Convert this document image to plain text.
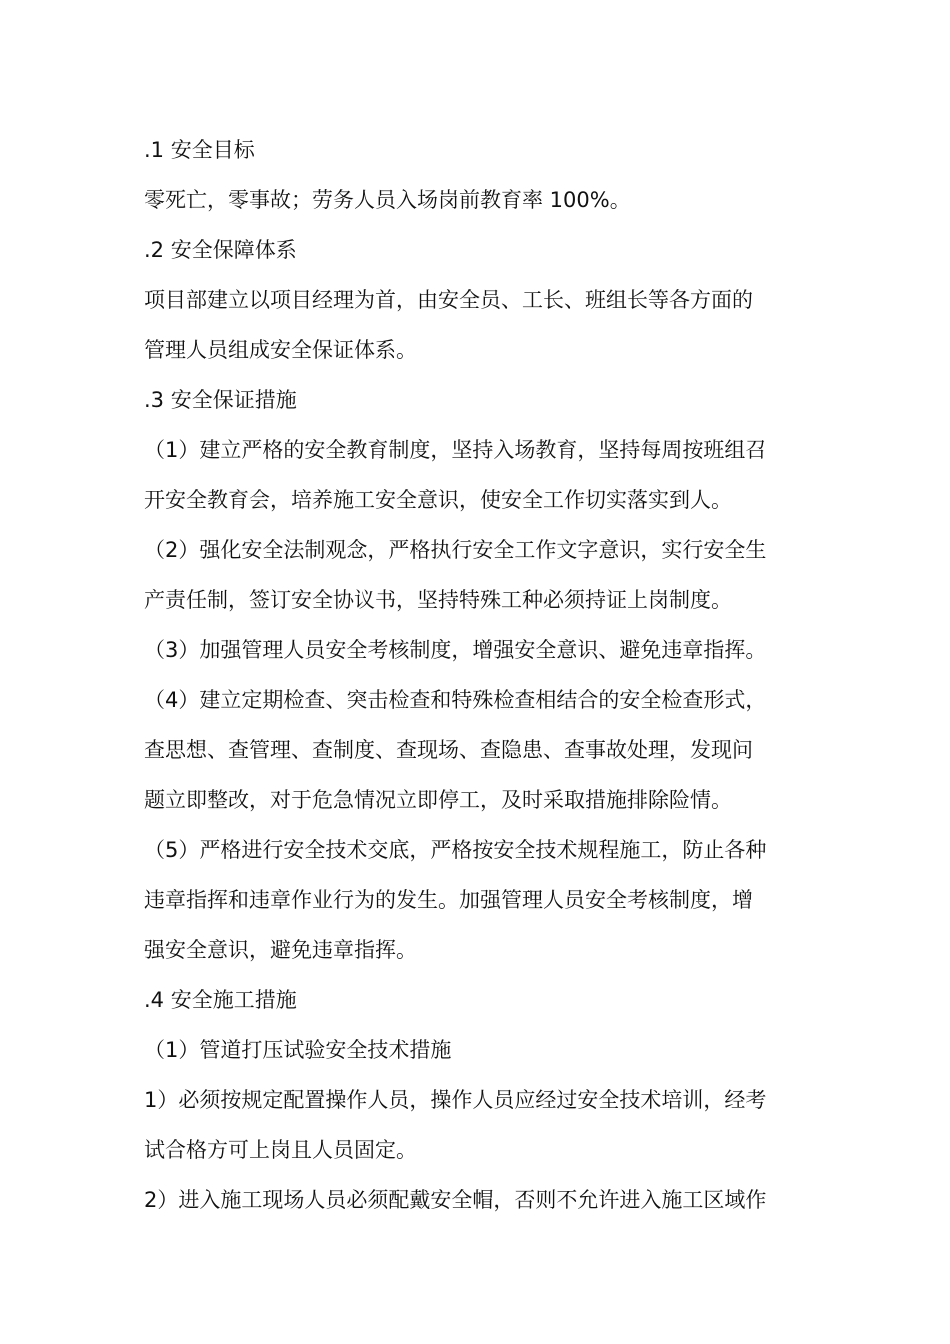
.1 安全目标

零死亡，零事故；劳务人员入场岗前教育率 100%。

.2 安全保障体系

项目部建立以项目经理为首，由安全员、工长、班组长等各方面的

管理人员组成安全保证体系。

.3 安全保证措施

（1）建立严格的安全教育制度，坚持入场教育，坚持每周按班组召

开安全教育会，培养施工安全意识，使安全工作切实落实到人。

（2）强化安全法制观念，严格执行安全工作文字意识，实行安全生

产责任制，签订安全协议书，坚持特殊工种必须持证上岗制度。

（3）加强管理人员安全考核制度，增强安全意识、避免违章指挥。

（4）建立定期检查、突击检查和特殊检查相结合的安全检查形式，

查思想、查管理、查制度、查现场、查隐患、查事故处理，发现问

题立即整改，对于危急情况立即停工，及时采取措施排除险情。

（5）严格进行安全技术交底，严格按安全技术规程施工，防止各种

违章指挥和违章作业行为的发生。加强管理人员安全考核制度，增

强安全意识，避免违章指挥。

.4 安全施工措施

（1）管道打压试验安全技术措施

1）必须按规定配置操作人员，操作人员应经过安全技术培训，经考

试合格方可上岗且人员固定。

2）进入施工现场人员必须配戴安全帽，否则不允许进入施工区域作
